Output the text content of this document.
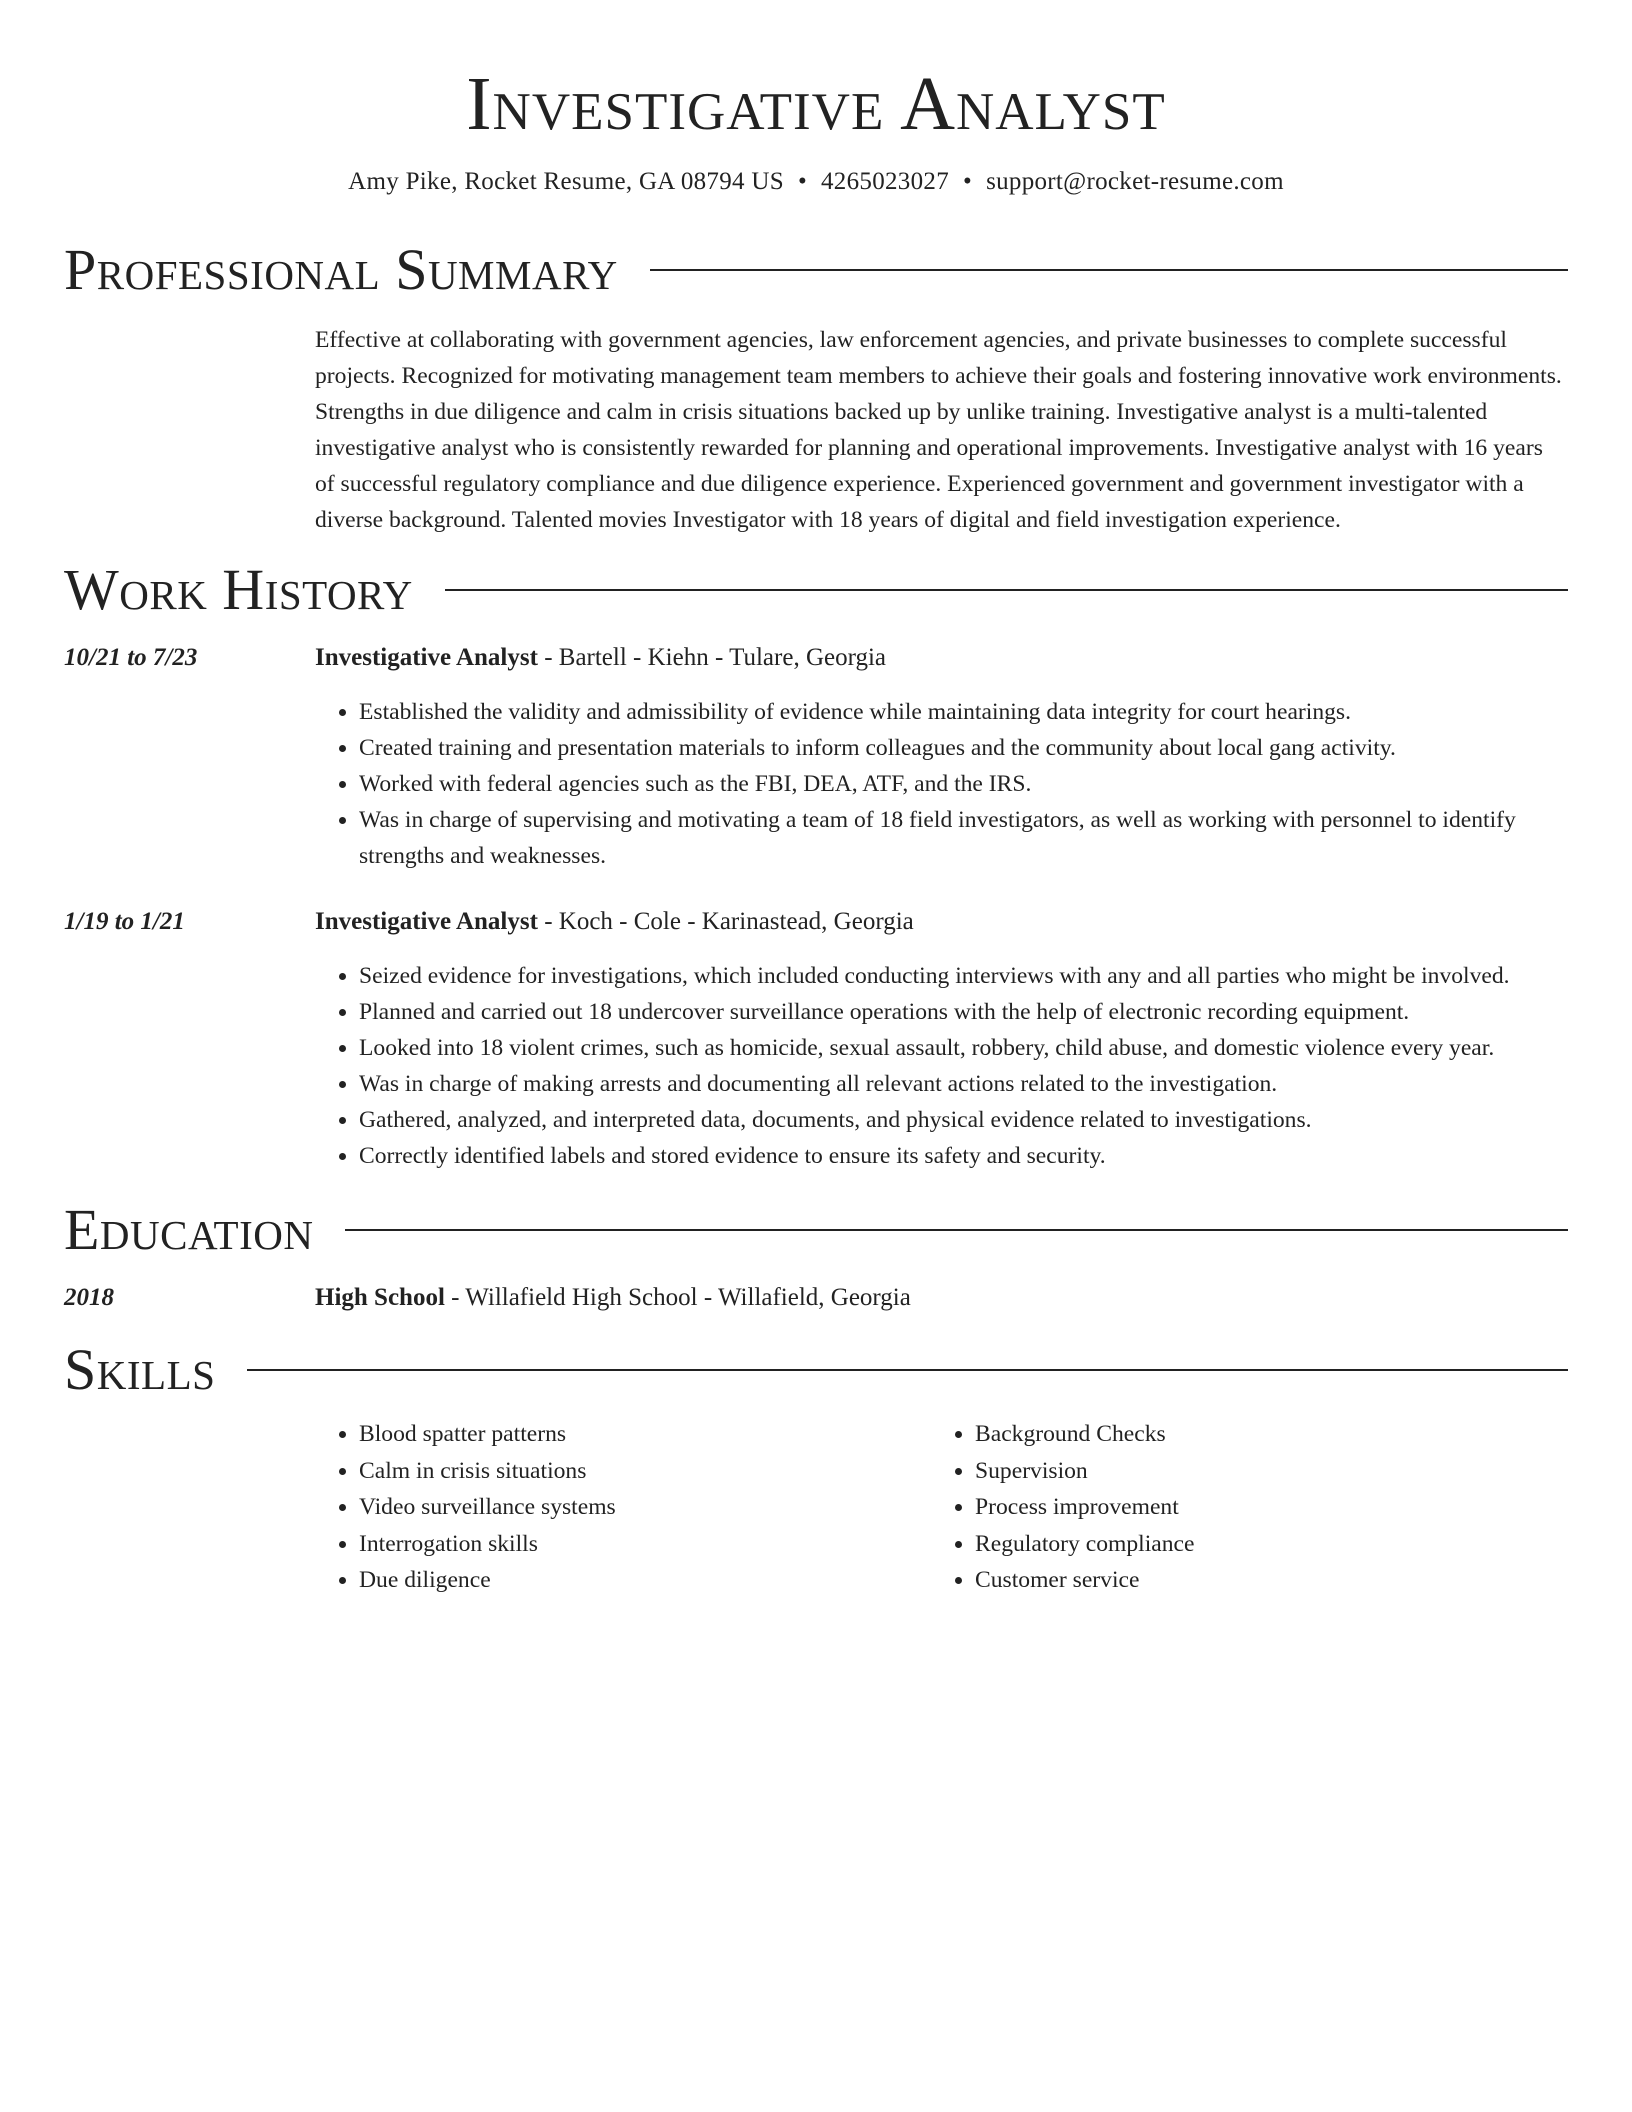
Investigative Analyst
Amy Pike, Rocket Resume, GA 08794 US • 4265023027 • support@rocket-resume.com
Professional Summary
Effective at collaborating with government agencies, law enforcement agencies, and private businesses to complete successful projects. Recognized for motivating management team members to achieve their goals and fostering innovative work environments. Strengths in due diligence and calm in crisis situations backed up by unlike training. Investigative analyst is a multi-talented investigative analyst who is consistently rewarded for planning and operational improvements. Investigative analyst with 16 years of successful regulatory compliance and due diligence experience. Experienced government and government investigator with a diverse background. Talented movies Investigator with 18 years of digital and field investigation experience.
Work History
10/21 to 7/23	Investigative Analyst - Bartell - Kiehn - Tulare, Georgia
• Established the validity and admissibility of evidence while maintaining data integrity for court hearings.
• Created training and presentation materials to inform colleagues and the community about local gang activity.
• Worked with federal agencies such as the FBI, DEA, ATF, and the IRS.
• Was in charge of supervising and motivating a team of 18 field investigators, as well as working with personnel to identify strengths and weaknesses.
1/19 to 1/21	Investigative Analyst - Koch - Cole - Karinastead, Georgia
• Seized evidence for investigations, which included conducting interviews with any and all parties who might be involved.
• Planned and carried out 18 undercover surveillance operations with the help of electronic recording equipment.
• Looked into 18 violent crimes, such as homicide, sexual assault, robbery, child abuse, and domestic violence every year.
• Was in charge of making arrests and documenting all relevant actions related to the investigation.
• Gathered, analyzed, and interpreted data, documents, and physical evidence related to investigations.
• Correctly identified labels and stored evidence to ensure its safety and security.
Education
2018	High School - Willafield High School - Willafield, Georgia
Skills
• Blood spatter patterns
• Calm in crisis situations
• Video surveillance systems
• Interrogation skills
• Due diligence
• Background Checks
• Supervision
• Process improvement
• Regulatory compliance
• Customer service
